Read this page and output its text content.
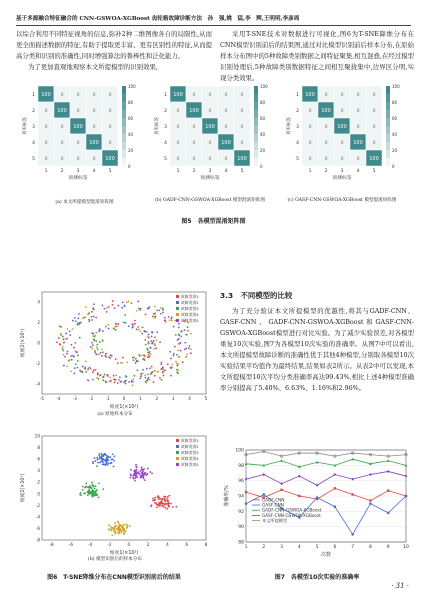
基于多源融合特征融合的 CNN-GSWOA-XGBoost 齿轮箱故障诊断方法　孙　强,姚　猛,李　辉,王明明,李彦周

以综合利用不同特征视角的信息,弥补2种二维图像各自的局限性,从而更全面描述数据的特征,有助于提取更丰富、更有区别性的特征,从而提高分类和识别的准确性,同时增强算法的鲁棒性和泛化能力。

为了更加直观地观察本文所提模型的识别效果,

采用T-SNE技术对数据进行可视化,图6为T-SNE降维分布在CNN模型识别前后的结果图,通过对比模型识别前后样本分布,在原始样本分布图中的5种故障类别数据之间特征聚集,相互混叠,在经过模型识别处理后,5种故障类别数据特征之间相互聚拢集中,边界区分明,实现分类效果。

100 0	0	0	0
1
1
0 100 0	0	0
2
2
0	0 100 0	0
3
3
0	0	0 100 0
4
4
0	0	0	0 100
5
5
100
80
60
40
20
0
真实标签
预测标签
100 0	0	0	0
1
1
0 100 0	0	0
2
2
0	0 100 0	0
3
3
0	0	0 100 0
4
4
0	0	0	0 100
5
5
100
80
60
40
20
0
真实标签
预测标签
100 0	0	0	0
1
1
0 100 0	0	0
2
2
0	0 100 0	0
3
3
0	0	0 100 0
4
4
0	0	0	0 100
5
5
100
80
60
40
20
0
真实标签
预测标签
(a) 本文所提模型混淆矩阵图	(b) GADF-CNN-GSWOA-XGBoost 模型混淆矩阵图	(c) GASF-CNN-GSWOA-XGBoost 模型混淆矩阵图
图5　各模型混淆矩阵图
-5	-4	-3	-2	-1	0	1	2	3	4	5
-4
-2
0
2
4
维度1(×10²)
维度2(×10²)
故障类别1
故障类别2
故障类别3
故障类别4
故障类别5
(a) 原始样本分布
-8	-6	-4	-2	0	2	4	6	8
-8
-6
-4
-2
0
2
4
6
8
10
维度1(×10²)
维度2(×10²)
故障类别1
故障类别2
故障类别3
故障类别4
故障类别5
(b) 模型识别后的样本分布
图6　T-SNE降维分布在CNN模型识别前后的结果
3.3　不同模型的比较

为了充分验证本文所提模型的优越性,将其与GADF-CNN、GASF-CNN、GADF-CNN-GSWOA-XGBoost和GASF-CNN-GSWOA-XGBoost模型进行对比实验。为了减少实验误差,对各模型重复10次实验,图7为各模型10次实验的准确率。从图7中可以看出,本文所提模型故障诊断的准确性优于其他4种模型,分别取各模型10次实验结果平均值作为最终结果,结果如表2所示。从表2中可以发现,本文所提模型10次平均分类准确率高达99.43%,相比上述4种模型准确率分别提高了5.40%、6.63%、1.16%和2.96%。

88
90
92
94
96
98
100
1	2	3	4	5	6	7	8	9	10
GADF-CNN
GASF-CNN
GADF-CNN-GSWOA-XGBoost
GASF-CNN-GSWOA-XGBoost
本文所提模型
次数
准确率/%
图7　各模型10次实验的准确率
· 31 ·
